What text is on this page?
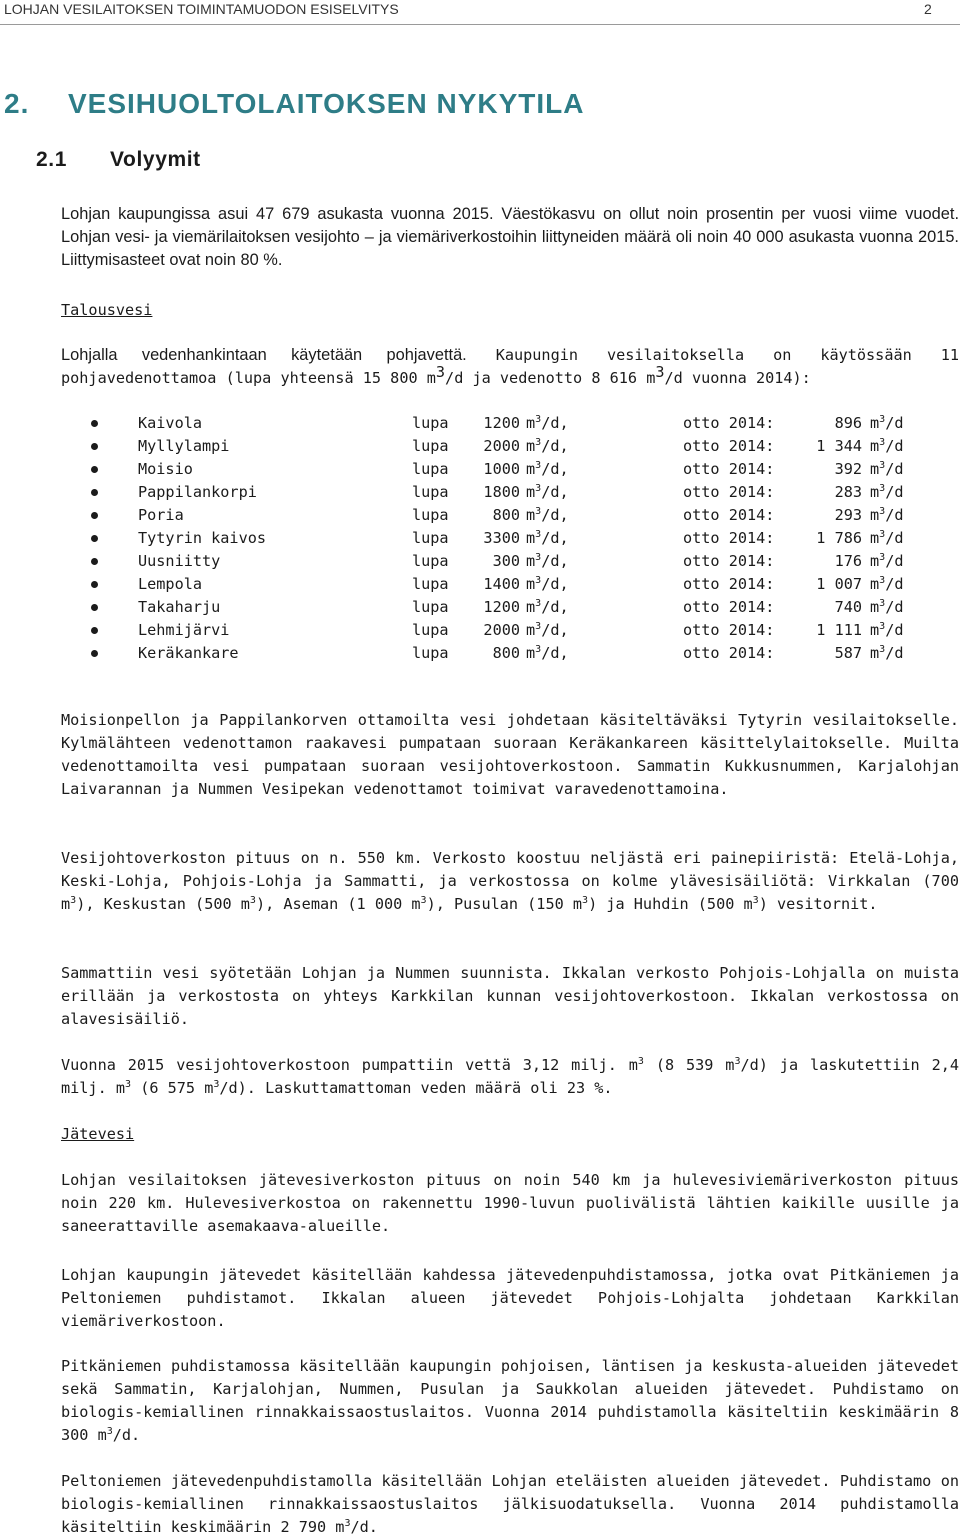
LOHJAN VESILAITOKSEN TOIMINTAMUODON ESISELVITYS	2
2. VESIHUOLTOLAITOKSEN NYKYTILA
2.1 Volyymit

Lohjan kaupungissa asui 47 679 asukasta vuonna 2015. Väestökasvu on ollut noin prosentin per vuosi viime vuodet. Lohjan vesi- ja viemärilaitoksen vesijohto – ja viemäriverkostoihin liittyneiden määrä oli noin 40 000 asukasta vuonna 2015. Liittymisasteet ovat noin 80 %.

Talousvesi

Lohjalla vedenhankintaan käytetään pohjavettä. Kaupungin vesilaitoksella on käytössään 11 pohjavedenottamoa (lupa yhteensä 15 800 $m^3/d$ ja vedenotto 8 616 $m^3/d$ vuonna 2014):

Kaivola	lupa	1200 $m^3/d$,	otto 2014:	896 $m^3/d$
Myllylampi	lupa	2000 $m^3/d$,	otto 2014:	1 344 $m^3/d$
Moisio	lupa	1000 $m^3/d$,	otto 2014:	392 $m^3/d$
Pappilankorpi	lupa	1800 $m^3/d$,	otto 2014:	283 $m^3/d$
Poria	lupa	800 $m^3/d$,	otto 2014:	293 $m^3/d$
Tytyrin kaivos	lupa	3300 $m^3/d$,	otto 2014:	1 786 $m^3/d$
Uusniitty	lupa	300 $m^3/d$,	otto 2014:	176 $m^3/d$
Lempola	lupa	1400 $m^3/d$,	otto 2014:	1 007 $m^3/d$
Takaharju	lupa	1200 $m^3/d$,	otto 2014:	740 $m^3/d$
Lehmijärvi	lupa	2000 $m^3/d$,	otto 2014:	1 111 $m^3/d$
Keräkankare	lupa	800 $m^3/d$,	otto 2014:	587 $m^3/d$

Moisionpellon ja Pappilankorven ottamoilta vesi johdetaan käsiteltäväksi Tytyrin vesilaitokselle. Kylmälähteen vedenottamon raakavesi pumpataan suoraan Keräkankareen käsittelylaitokselle. Muilta vedenottamoilta vesi pumpataan suoraan vesijohtoverkostoon. Sammatin Kukkusnummen, Karjalohjan Laivarannan ja Nummen Vesipekan vedenottamot toimivat varavedenottamoina.

Vesijohtoverkoston pituus on n. 550 km. Verkosto koostuu neljästä eri painepiiristä: Etelä-Lohja, Keski-Lohja, Pohjois-Lohja ja Sammatti, ja verkostossa on kolme ylävesisäiliötä: Virkkalan (700 $m^3$), Keskustan (500 $m^3$), Aseman (1 000 $m^3$), Pusulan (150 $m^3$) ja Huhdin (500 $m^3$) vesitornit.

Sammattiin vesi syötetään Lohjan ja Nummen suunnista. Ikkalan verkosto Pohjois-Lohjalla on muista erillään ja verkostosta on yhteys Karkkilan kunnan vesijohtoverkostoon. Ikkalan verkostossa on alavesisäiliö.

Vuonna 2015 vesijohtoverkostoon pumpattiin vettä 3,12 milj. $m^3$ (8 539 $m^3/d$) ja laskutettiin 2,4 milj. $m^3$ (6 575 $m^3/d$). Laskuttamattoman veden määrä oli 23 %.

Jätevesi

Lohjan vesilaitoksen jätevesiverkoston pituus on noin 540 km ja hulevesiviemäriverkoston pituus noin 220 km. Hulevesiverkostoa on rakennettu 1990-luvun puolivälistä lähtien kaikille uusille ja saneerattaville asemakaava-alueille.

Lohjan kaupungin jätevedet käsitellään kahdessa jätevedenpuhdistamossa, jotka ovat Pitkäniemen ja Peltoniemen puhdistamot. Ikkalan alueen jätevedet Pohjois-Lohjalta johdetaan Karkkilan viemäriverkostoon.

Pitkäniemen puhdistamossa käsitellään kaupungin pohjoisen, läntisen ja keskusta-alueiden jätevedet sekä Sammatin, Karjalohjan, Nummen, Pusulan ja Saukkolan alueiden jätevedet. Puhdistamo on biologis-kemiallinen rinnakkaissaostuslaitos. Vuonna 2014 puhdistamolla käsiteltiin keskimäärin 8 300 $m^3/d$.

Peltoniemen jätevedenpuhdistamolla käsitellään Lohjan eteläisten alueiden jätevedet. Puhdistamo on biologis-kemiallinen rinnakkaissaostuslaitos jälkisuodatuksella. Vuonna 2014 puhdistamolla käsiteltiin keskimäärin 2 790 $m^3/d$.
